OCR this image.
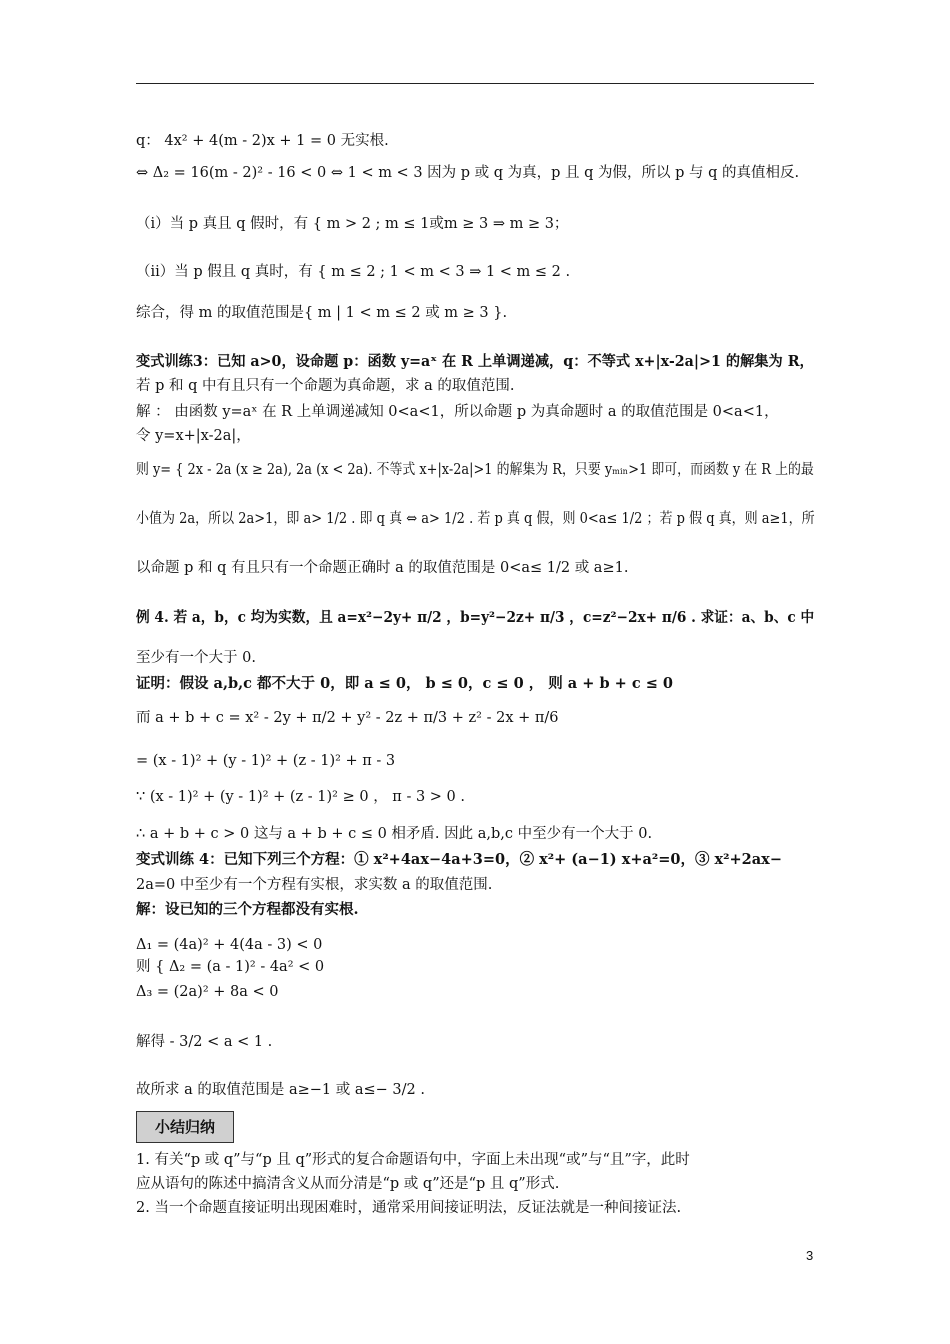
q： 4x² + 4(m - 2)x + 1 = 0 无实根.
⇔ Δ₂ = 16(m - 2)² - 16 < 0 ⇔ 1 < m < 3 因为 p 或 q 为真，p 且 q 为假，所以 p 与 q 的真值相反.
（ⅰ）当 p 真且 q 假时，有 { m > 2 ; m ≤ 1或m ≥ 3 ⇒ m ≥ 3；
（ⅱ）当 p 假且 q 真时，有 { m ≤ 2 ; 1 < m < 3 ⇒ 1 < m ≤ 2 .
综合，得 m 的取值范围是{ m | 1 < m ≤ 2 或 m ≥ 3 }.
变式训练3：已知 a>0，设命题 p：函数 y=aˣ 在 R 上单调递减，q：不等式 x+|x-2a|>1 的解集为 R，
若 p 和 q 中有且只有一个命题为真命题，求 a 的取值范围.
解 ： 由函数 y=aˣ 在 R 上单调递减知 0<a<1，所以命题 p 为真命题时 a 的取值范围是 0<a<1，
令 y=x+|x-2a|，
则 y= { 2x - 2a (x ≥ 2a), 2a (x < 2a). 不等式 x+|x-2a|>1 的解集为 R，只要 yₘᵢₙ>1 即可，而函数 y 在 R 上的最
小值为 2a，所以 2a>1，即 a> 1/2 . 即 q 真 ⇔ a> 1/2 . 若 p 真 q 假，则 0<a≤ 1/2 ；若 p 假 q 真，则 a≥1，所
以命题 p 和 q 有且只有一个命题正确时 a 的取值范围是 0<a≤ 1/2 或 a≥1.
例 4. 若 a，b，c 均为实数，且 a=x²−2y+ π/2 ，b=y²−2z+ π/3 ，c=z²−2x+ π/6 . 求证：a、b、c 中
至少有一个大于 0.
证明：假设 a,b,c 都不大于 0，即 a ≤ 0， b ≤ 0，c ≤ 0 ， 则 a + b + c ≤ 0
而 a + b + c = x² - 2y + π/2 + y² - 2z + π/3 + z² - 2x + π/6
= (x - 1)² + (y - 1)² + (z - 1)² + π - 3
∵ (x - 1)² + (y - 1)² + (z - 1)² ≥ 0 ， π - 3 > 0 .
∴ a + b + c > 0 这与 a + b + c ≤ 0 相矛盾. 因此 a,b,c 中至少有一个大于 0.
变式训练 4：已知下列三个方程：① x²+4ax−4a+3=0，② x²+ (a−1) x+a²=0，③ x²+2ax−
2a=0 中至少有一个方程有实根，求实数 a 的取值范围.
解：设已知的三个方程都没有实根.
Δ₁ = (4a)² + 4(4a - 3) < 0
则 { Δ₂ = (a - 1)² - 4a² < 0
Δ₃ = (2a)² + 8a < 0
解得 - 3/2 < a < 1 .
故所求 a 的取值范围是 a≥−1 或 a≤− 3/2 .
1. 有关“p 或 q”与“p 且 q”形式的复合命题语句中，字面上未出现“或”与“且”字，此时
应从语句的陈述中搞清含义从而分清是“p 或 q”还是“p 且 q”形式.
2. 当一个命题直接证明出现困难时，通常采用间接证明法，反证法就是一种间接证法.
小结归纳
3
